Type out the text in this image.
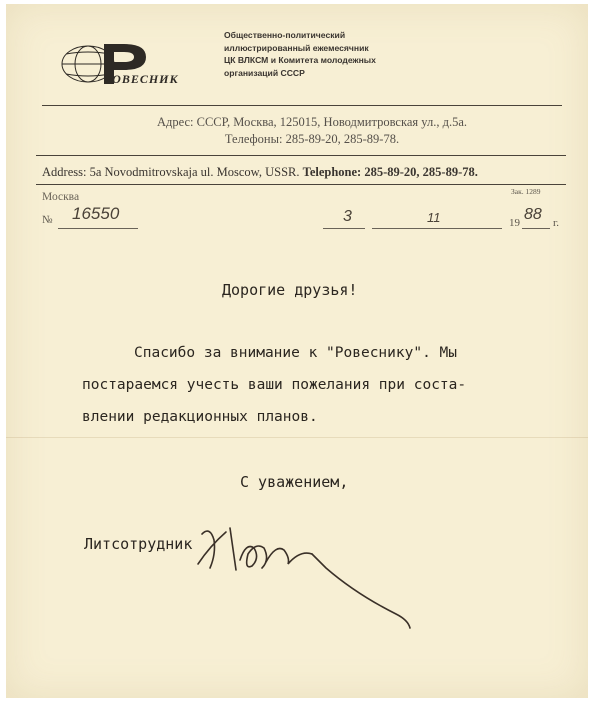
РОВЕСНИК
Общественно-политический
иллюстрированный ежемесячник
ЦК ВЛКСМ и Комитета молодежных
организаций СССР
Адрес: СССР, Москва, 125015, Новодмитровская ул., д.5а.
Телефоны: 285-89-20, 285-89-78.
Address: 5a Novodmitrovskaja ul. Moscow, USSR. Telephone: 285-89-20, 285-89-78.
Зак. 1289
Москва
№ 16550	3	11	19 88 г.
Дорогие друзья!
Спасибо за внимание к "Ровеснику". Мы
постараемся учесть ваши пожелания при соста-
влении редакционных планов.
С уважением,
Литсотрудник
